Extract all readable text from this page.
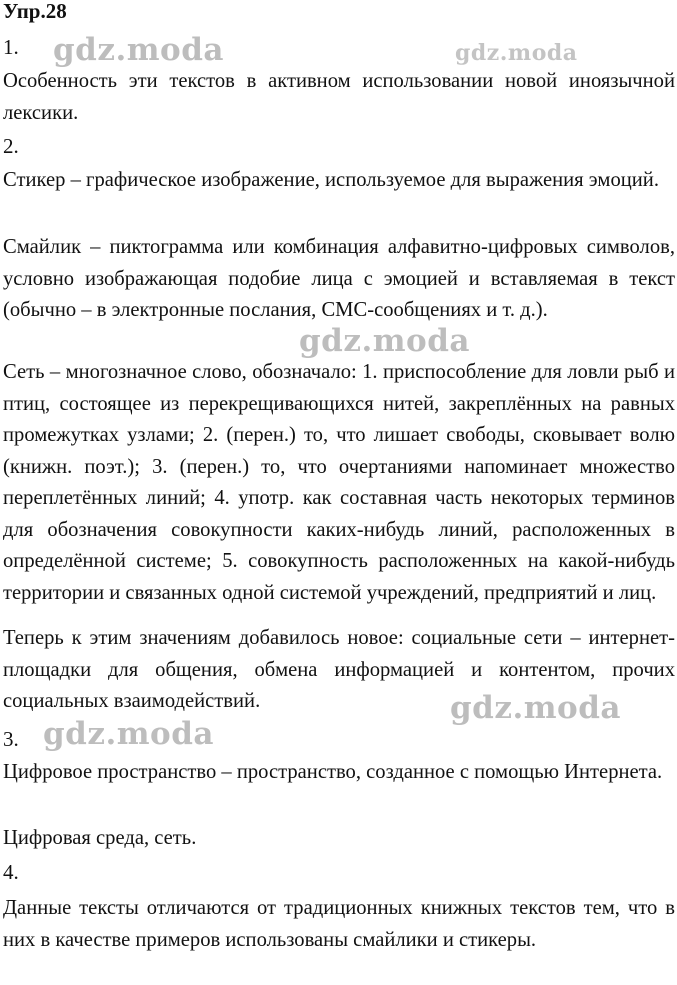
Упр.28
gdz.moda	gdz.moda
gdz.moda
gdz.moda
gdz.moda
1.

Особенность эти текстов в активном использовании новой иноязычной лексики.

2.

Стикер – графическое изображение, используемое для выражения эмоций.

Смайлик – пиктограмма или комбинация алфавитно-цифровых символов, условно изображающая подобие лица с эмоцией и вставляемая в текст (обычно – в электронные послания, СМС-сообщениях и т. д.).

Сеть – многозначное слово, обозначало: 1. приспособление для ловли рыб и птиц, состоящее из перекрещивающихся нитей, закреплённых на равных промежутках узлами; 2. (перен.) то, что лишает свободы, сковывает волю (книжн. поэт.); 3. (перен.) то, что очертаниями напоминает множество переплетённых линий; 4. употр. как составная часть некоторых терминов для обозначения совокупности каких-нибудь линий, расположенных в определённой системе; 5. совокупность расположенных на какой-нибудь территории и связанных одной системой учреждений, предприятий и лиц.

Теперь к этим значениям добавилось новое: социальные сети – интернет-площадки для общения, обмена информацией и контентом, прочих социальных взаимодействий.

3.

Цифровое пространство – пространство, созданное с помощью Интернета.

Цифровая среда, сеть.

4.

Данные тексты отличаются от традиционных книжных текстов тем, что в них в качестве примеров использованы смайлики и стикеры.
